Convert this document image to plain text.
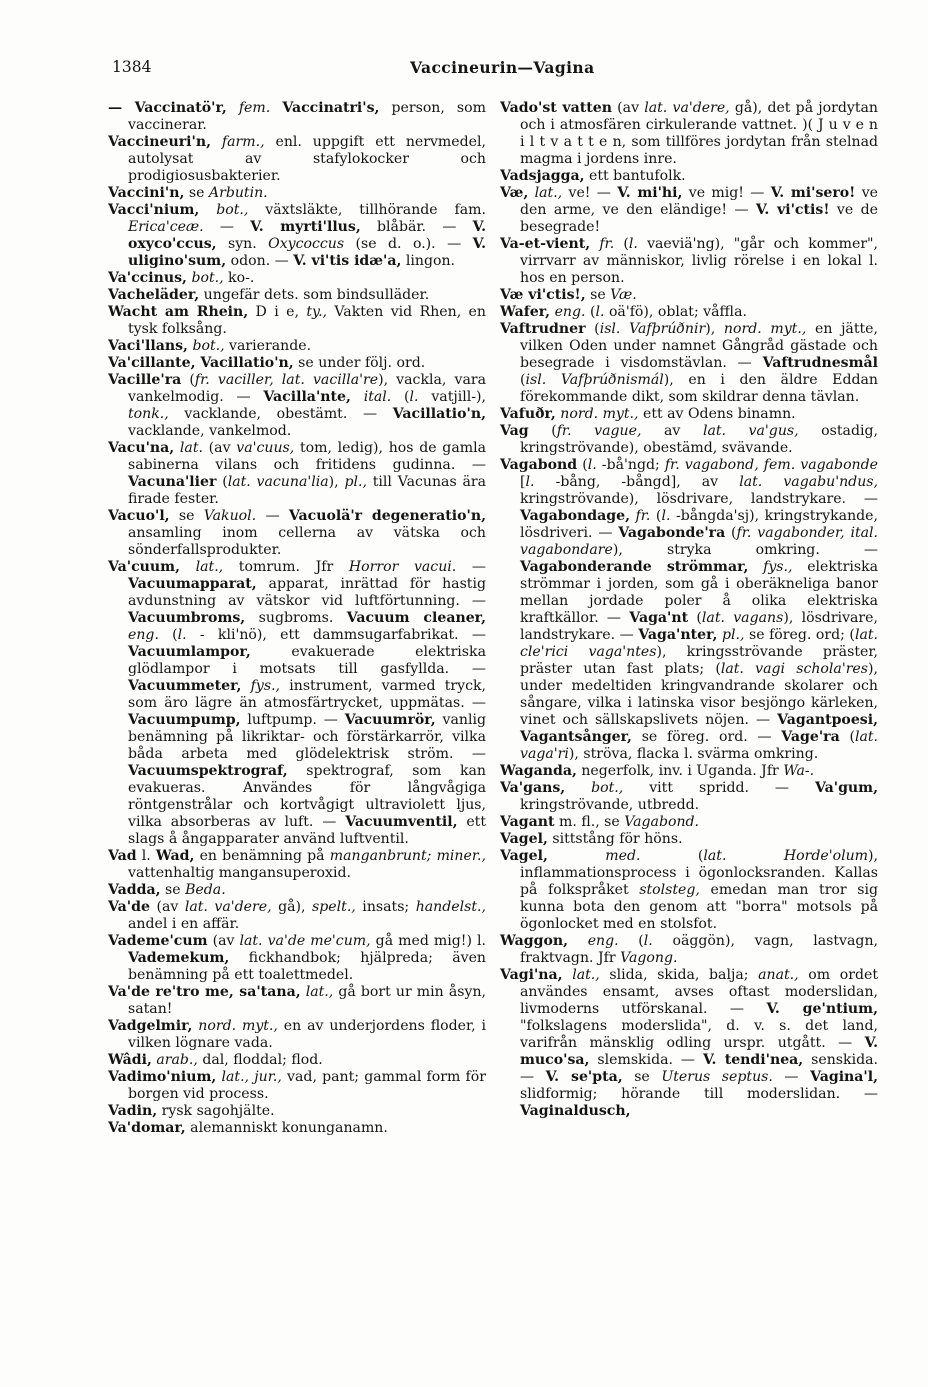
1384	Vaccineurin—Vagina

— Vaccinatö'r, fem. Vaccinatri's, person, som vaccinerar.

Vaccineuri'n, farm., enl. uppgift ett nervmedel, autolysat av stafylokocker och prodigiosusbakterier.

Vaccini'n, se Arbutin.

Vacci'nium, bot., växtsläkte, tillhörande fam. Erica'ceæ. — V. myrti'llus, blåbär. — V. oxyco'ccus, syn. Oxycoccus (se d. o.). — V. uligino'sum, odon. — V. vi'tis idæ'a, lingon.

Va'ccinus, bot., ko-.

Vacheläder, ungefär dets. som bindsulläder.

Wacht am Rhein, D i e, ty., Vakten vid Rhen, en tysk folksång.

Vaci'llans, bot., varierande.

Va'cillante, Vacillatio'n, se under följ. ord.

Vacille'ra (fr. vaciller, lat. vacilla're), vackla, vara vankelmodig. — Vacilla'nte, ital. (l. vatjill-), tonk., vacklande, obestämt. — Vacillatio'n, vacklande, vankelmod.

Vacu'na, lat. (av va'cuus, tom, ledig), hos de gamla sabinerna vilans och fritidens gudinna. — Vacuna'lier (lat. vacuna'lia), pl., till Vacunas ära firade fester.

Vacuo'l, se Vakuol. — Vacuolä'r degeneratio'n, ansamling inom cellerna av vätska och sönderfallsprodukter.

Va'cuum, lat., tomrum. Jfr Horror vacui. — Vacuumapparat, apparat, inrättad för hastig avdunstning av vätskor vid luftförtunning. — Vacuumbroms, sugbroms. Vacuum cleaner, eng. (l. - kli'nö), ett dammsugarfabrikat. — Vacuumlampor, evakuerade elektriska glödlampor i motsats till gasfyllda. — Vacuummeter, fys., instrument, varmed tryck, som äro lägre än atmosfärtrycket, uppmätas. — Vacuumpump, luftpump. — Vacuumrör, vanlig benämning på likriktar- och förstärkarrör, vilka båda arbeta med glödelektrisk ström. — Vacuumspektrograf, spektrograf, som kan evakueras. Användes för långvågiga röntgenstrålar och kortvågigt ultraviolett ljus, vilka absorberas av luft. — Vacuumventil, ett slags å ångapparater använd luftventil.

Vad l. Wad, en benämning på manganbrunt; miner., vattenhaltig mangansuperoxid.

Vadda, se Beda.

Va'de (av lat. va'dere, gå), spelt., insats; handelst., andel i en affär.

Vademe'cum (av lat. va'de me'cum, gå med mig!) l. Vademekum, fickhandbok; hjälpreda; även benämning på ett toalettmedel.

Va'de re'tro me, sa'tana, lat., gå bort ur min åsyn, satan!

Vadgelmir, nord. myt., en av underjordens floder, i vilken lögnare vada.

Wâdi, arab., dal, floddal; flod.

Vadimo'nium, lat., jur., vad, pant; gammal form för borgen vid process.

Vadin, rysk sagohjälte.

Va'domar, alemanniskt konunganamn.

Vado'st vatten (av lat. va'dere, gå), det på jordytan och i atmosfären cirkulerande vattnet. )( J u v e n i l t v a t t e n, som tillföres jordytan från stelnad magma i jordens inre.

Vadsjagga, ett bantufolk.

Væ, lat., ve! — V. mi'hi, ve mig! — V. mi'sero! ve den arme, ve den eländige! — V. vi'ctis! ve de besegrade!

Va-et-vient, fr. (l. vaeviä'ng), "går och kommer", virrvarr av människor, livlig rörelse i en lokal l. hos en person.

Væ vi'ctis!, se Væ.

Wafer, eng. (l. oä'fö), oblat; våffla.

Vaftrudner (isl. Vafþrúðnir), nord. myt., en jätte, vilken Oden under namnet Gångråd gästade och besegrade i visdomstävlan. — Vaftrudnesmål (isl. Vafþrúðnismál), en i den äldre Eddan förekommande dikt, som skildrar denna tävlan.

Vafuðr, nord. myt., ett av Odens binamn.

Vag (fr. vague, av lat. va'gus, ostadig, kringströvande), obestämd, svävande.

Vagabond (l. -bå'ngd; fr. vagabond, fem. vagabonde [l. -bång, -bångd], av lat. vagabu'ndus, kringströvande), lösdrivare, landstrykare. — Vagabondage, fr. (l. -bångda'sj), kringstrykande, lösdriveri. — Vagabonde'ra (fr. vagabonder, ital. vagabondare), stryka omkring. — Vagabonderande strömmar, fys., elektriska strömmar i jorden, som gå i oberäkneliga banor mellan jordade poler å olika elektriska kraftkällor. — Vaga'nt (lat. vagans), lösdrivare, landstrykare. — Vaga'nter, pl., se föreg. ord; (lat. cle'rici vaga'ntes), kringsströvande präster, präster utan fast plats; (lat. vagi schola'res), under medeltiden kringvandrande skolarer och sångare, vilka i latinska visor besjöngo kärleken, vinet och sällskapslivets nöjen. — Vagantpoesi, Vagantsånger, se föreg. ord. — Vage'ra (lat. vaga'ri), ströva, flacka l. svärma omkring.

Waganda, negerfolk, inv. i Uganda. Jfr Wa-.

Va'gans, bot., vitt spridd. — Va'gum, kringströvande, utbredd.

Vagant m. fl., se Vagabond.

Vagel, sittstång för höns.

Vagel,	med. (lat. Horde'olum), inflammationsprocess i ögonlocksranden. Kallas på folkspråket stolsteg, emedan man tror sig kunna bota den genom att "borra" motsols på ögonlocket med en stolsfot.

Waggon, eng. (l. oäggön), vagn, lastvagn, fraktvagn. Jfr Vagong.

Vagi'na, lat., slida, skida, balja; anat., om ordet användes ensamt, avses oftast moderslidan, livmoderns utförskanal. — V. ge'ntium, "folkslagens moderslida", d. v. s. det land, varifrån mänsklig odling urspr. utgått. — V. muco'sa, slemskida. — V. tendi'nea, senskida. — V. se'pta, se Uterus septus. — Vagina'l, slidformig; hörande till moderslidan. — Vaginaldusch,
